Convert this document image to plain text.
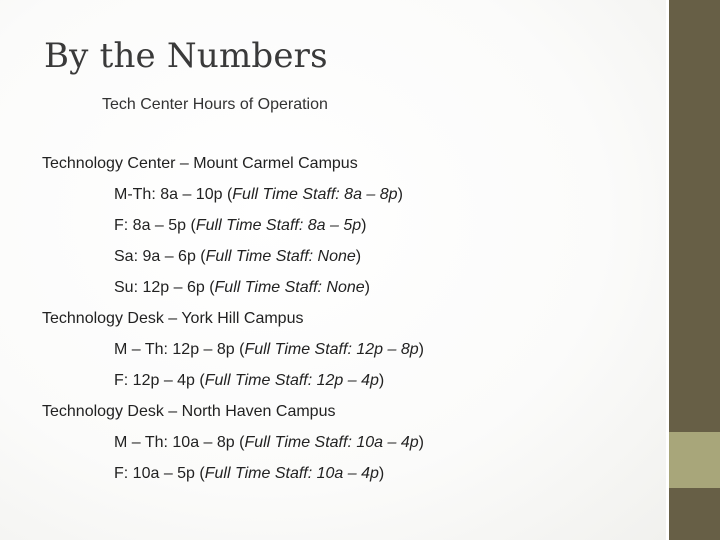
By the Numbers
Tech Center Hours of Operation
Technology Center – Mount Carmel Campus
M-Th: 8a – 10p (Full Time Staff: 8a – 8p)
F: 8a – 5p (Full Time Staff: 8a – 5p)
Sa: 9a – 6p (Full Time Staff: None)
Su: 12p – 6p (Full Time Staff: None)
Technology Desk – York Hill Campus
M – Th: 12p – 8p (Full Time Staff: 12p – 8p)
F: 12p – 4p (Full Time Staff: 12p – 4p)
Technology Desk – North Haven Campus
M – Th: 10a – 8p (Full Time Staff: 10a – 4p)
F: 10a – 5p (Full Time Staff: 10a – 4p)
